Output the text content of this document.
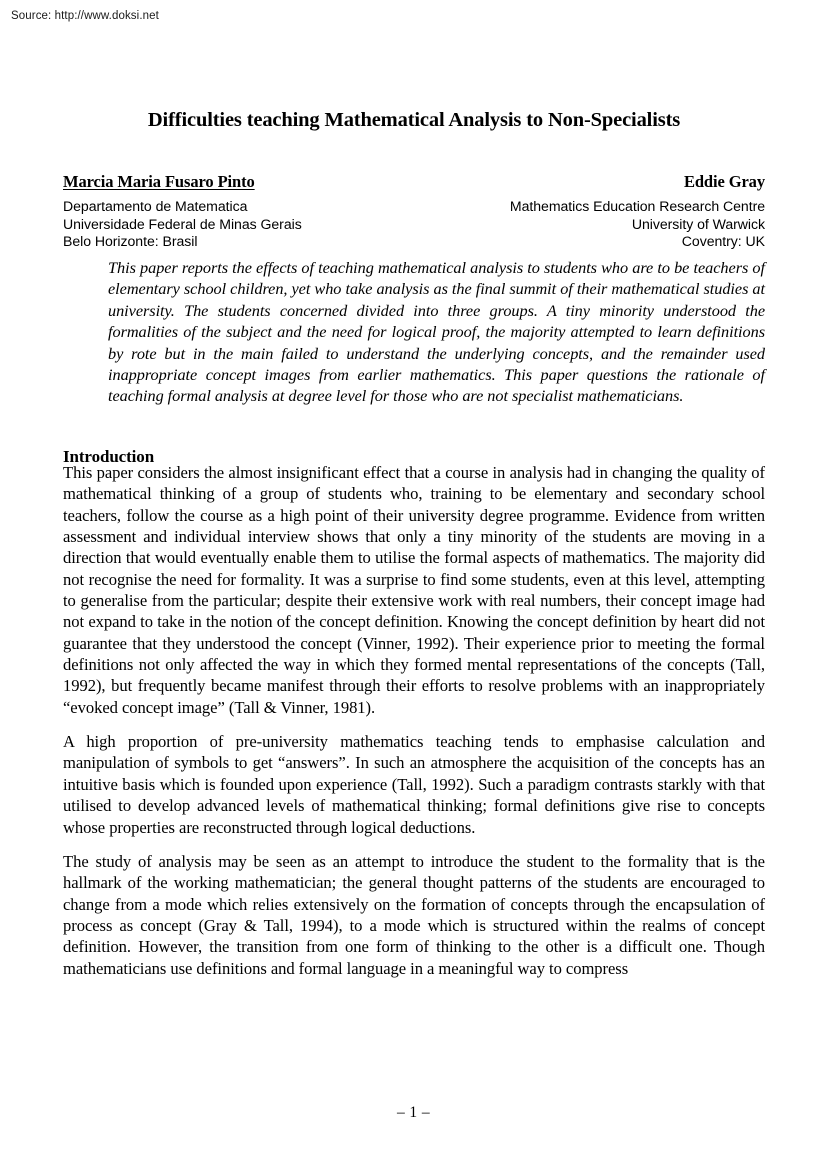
Source: http://www.doksi.net
Difficulties teaching Mathematical Analysis to Non-Specialists
Marcia Maria Fusaro Pinto
Departamento de Matematica
Universidade Federal de Minas Gerais
Belo Horizonte: Brasil
Eddie Gray
Mathematics Education Research Centre
University of Warwick
Coventry: UK
This paper reports the effects of teaching mathematical analysis to students who are to be teachers of elementary school children, yet who take analysis as the final summit of their mathematical studies at university. The students concerned divided into three groups. A tiny minority understood the formalities of the subject and the need for logical proof, the majority attempted to learn definitions by rote but in the main failed to understand the underlying concepts, and the remainder used inappropriate concept images from earlier mathematics. This paper questions the rationale of teaching formal analysis at degree level for those who are not specialist mathematicians.
Introduction

This paper considers the almost insignificant effect that a course in analysis had in changing the quality of mathematical thinking of a group of students who, training to be elementary and secondary school teachers, follow the course as a high point of their university degree programme. Evidence from written assessment and individual interview shows that only a tiny minority of the students are moving in a direction that would eventually enable them to utilise the formal aspects of mathematics. The majority did not recognise the need for formality. It was a surprise to find some students, even at this level, attempting to generalise from the particular; despite their extensive work with real numbers, their concept image had not expand to take in the notion of the concept definition. Knowing the concept definition by heart did not guarantee that they understood the concept (Vinner, 1992). Their experience prior to meeting the formal definitions not only affected the way in which they formed mental representations of the concepts (Tall, 1992), but frequently became manifest through their efforts to resolve problems with an inappropriately “evoked concept image” (Tall & Vinner, 1981).

A high proportion of pre-university mathematics teaching tends to emphasise calculation and manipulation of symbols to get “answers”. In such an atmosphere the acquisition of the concepts has an intuitive basis which is founded upon experience (Tall, 1992). Such a paradigm contrasts starkly with that utilised to develop advanced levels of mathematical thinking; formal definitions give rise to concepts whose properties are reconstructed through logical deductions.

The study of analysis may be seen as an attempt to introduce the student to the formality that is the hallmark of the working mathematician; the general thought patterns of the students are encouraged to change from a mode which relies extensively on the formation of concepts through the encapsulation of process as concept (Gray & Tall, 1994), to a mode which is structured within the realms of concept definition. However, the transition from one form of thinking to the other is a difficult one. Though mathematicians use definitions and formal language in a meaningful way to compress

– 1 –
